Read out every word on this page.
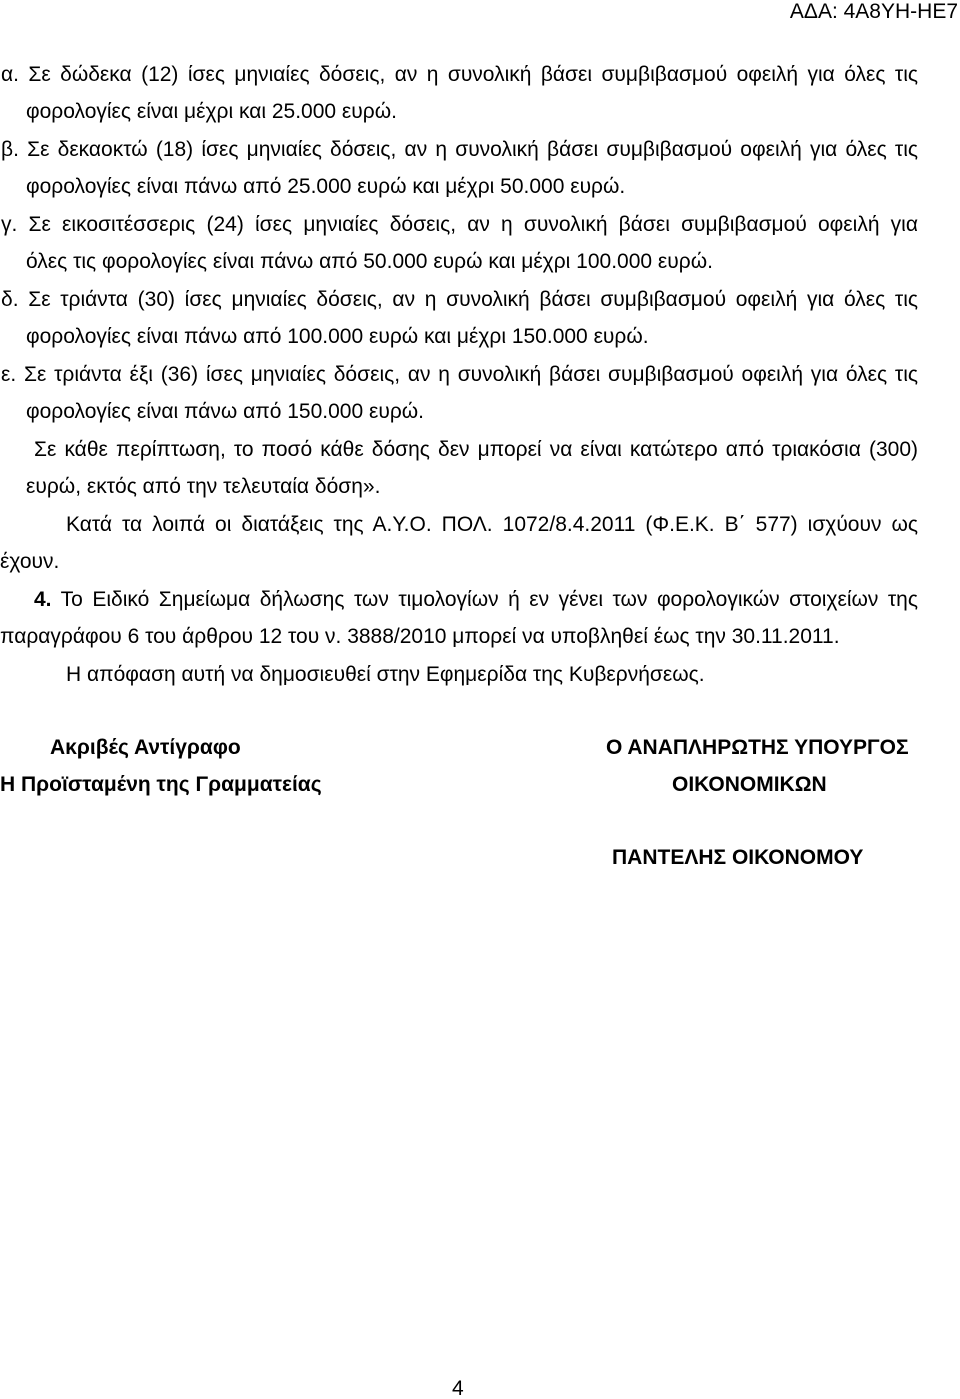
ΑΔΑ: 4Α8ΥΗ-ΗΕ7
α. Σε δώδεκα (12) ίσες μηνιαίες δόσεις, αν η συνολική βάσει συμβιβασμού οφειλή για όλες τις
φορολογίες είναι μέχρι και 25.000 ευρώ.
β. Σε δεκαοκτώ (18) ίσες μηνιαίες δόσεις, αν η συνολική βάσει συμβιβασμού οφειλή για όλες τις
φορολογίες είναι πάνω από 25.000 ευρώ και μέχρι 50.000 ευρώ.
γ. Σε εικοσιτέσσερις (24) ίσες μηνιαίες δόσεις, αν η συνολική βάσει συμβιβασμού οφειλή για
όλες τις φορολογίες είναι πάνω από 50.000 ευρώ και μέχρι 100.000 ευρώ.
δ. Σε τριάντα (30) ίσες μηνιαίες δόσεις, αν η συνολική βάσει συμβιβασμού οφειλή για όλες τις
φορολογίες είναι πάνω από 100.000 ευρώ και μέχρι 150.000 ευρώ.
ε. Σε τριάντα έξι (36) ίσες μηνιαίες δόσεις, αν η συνολική βάσει συμβιβασμού οφειλή για όλες τις
φορολογίες είναι πάνω από 150.000 ευρώ.
Σε κάθε περίπτωση, το ποσό κάθε δόσης δεν μπορεί να είναι κατώτερο από τριακόσια (300)
ευρώ, εκτός από την τελευταία δόση».
Κατά τα λοιπά οι διατάξεις της Α.Υ.Ο. ΠΟΛ. 1072/8.4.2011 (Φ.Ε.Κ. Β΄ 577) ισχύουν ως
έχουν.
4. Το Ειδικό Σημείωμα δήλωσης των τιμολογίων ή εν γένει των φορολογικών στοιχείων της
παραγράφου 6 του άρθρου 12 του ν. 3888/2010 μπορεί να υποβληθεί έως την 30.11.2011.
Η απόφαση αυτή να δημοσιευθεί στην Εφημερίδα της Κυβερνήσεως.
Ακριβές Αντίγραφο
Η Προϊσταμένη της Γραμματείας
Ο ΑΝΑΠΛΗΡΩΤΗΣ ΥΠΟΥΡΓΟΣ
ΟΙΚΟΝΟΜΙΚΩΝ
ΠΑΝΤΕΛΗΣ ΟΙΚΟΝΟΜΟΥ
4
